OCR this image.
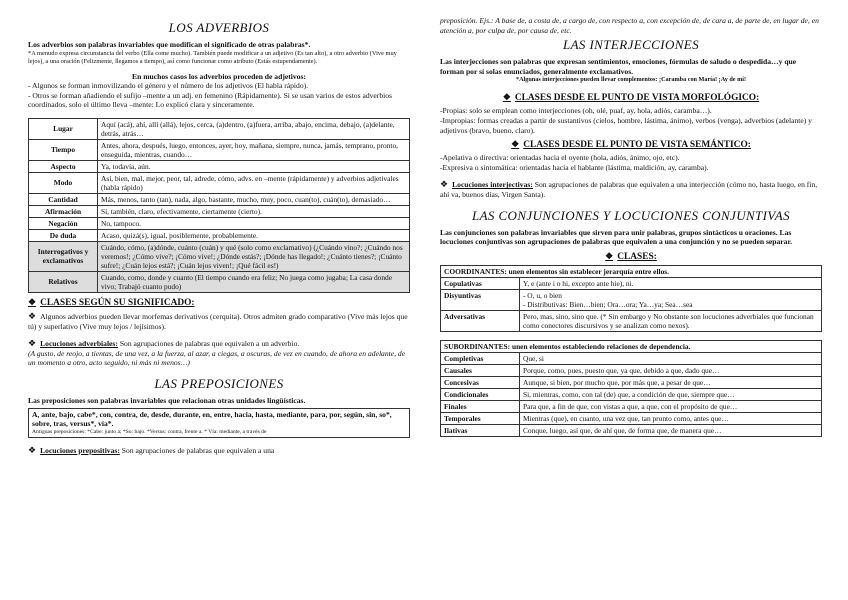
LOS ADVERBIOS

Los adverbios son palabras invariables que modifican el significado de otras palabras*.

*A menudo expresa circunstancia del verbo (Ella come mucho). También puede modificar a un adjetivo (Es tan alto), a otro adverbio (Vive muy lejos), a una oración (Felizmente, llegamos a tiempo), así como funcionar como atributo (Estás estupendamente).

En muchos casos los adverbios proceden de adjetivos:

- Algunos se forman inmovilizando el género y el número de los adjetivos (El habla rápido).

- Otros se forman añadiendo el sufijo –mente a un adj. en femenino (Rápidamente). Si se usan varios de estos adverbios coordinados, solo el último lleva –mente: Lo explicó clara y sinceramente.

Lugar	Aquí (acá), ahí, allí (allá), lejos, cerca, (a)dentro, (a)fuera, arriba, abajo, encima, debajo, (a)delante, detrás, atrás…
Tiempo	Antes, ahora, después, luego, entonces, ayer, hoy, mañana, siempre, nunca, jamás, temprano, pronto, enseguida, mientras, cuando…
Aspecto	Ya, todavía, aún.
Modo	Así, bien, mal, mejor, peor, tal, adrede, cómo, advs. en –mente (rápidamente) y adverbios adjetivales (habla rápido)
Cantidad	Más, menos, tanto (tan), nada, algo, bastante, mucho, muy, poco, cuan(to), cuán(to), demasiado…
Afirmación	Sí, también, claro, efectivamente, ciertamente (cierto).
Negación	No, tampoco.
De duda	Acaso, quizá(s), igual, posiblemente, probablemente.
Interrogativos y exclamativos	Cuándo, cómo, (a)dónde, cuánto (cuán) y qué (solo como exclamativo) (¿Cuándo vino?; ¿Cuándo nos veremos!; ¿Cómo vive?; ¡Cómo vive!; ¿Dónde estás?; ¡Dónde has llegado!; ¿Cuánto tienes?; ¡Cuánto sufre!; ¿Cuán lejos está?; ¡Cuán lejos viven!; ¡Qué fácil es!)
Relativos	Cuando, como, donde y cuanto (El tiempo cuando era feliz; No juega como jugaba; La casa donde vivo; Trabajó cuanto pudo)
❖ CLASES SEGÚN SU SIGNIFICADO:

❖ Algunos adverbios pueden llevar morfemas derivativos (cerquita). Otros admiten grado comparativo (Vive más lejos que tú) y superlativo (Vive muy lejos / lejísimos).

❖ Locuciones adverbiales: Son agrupaciones de palabras que equivalen a un adverbio.

(A gusto, de reojo, a tientas, de una vez, a la fuerza, al azar, a ciegas, a oscuras, de vez en cuando, de ahora en adelante, de un momento a otro, acto seguido, ni más ni menos…)

LAS PREPOSICIONES

Las preposiciones son palabras invariables que relacionan otras unidades lingüísticas.

A, ante, bajo, cabe*, con, contra, de, desde, durante, en, entre, hacia, hasta, mediante, para, por, según, sin, so*, sobre, tras, versus*, vía*.

Antiguas preposiciones: *Cabe: junto a; *So: bajo. *Versus: contra, frente a. * Vía: mediante, a través de

❖ Locuciones prepositivas: Son agrupaciones de palabras que equivalen a una

preposición. Ejs.: A base de, a costa de, a cargo de, con respecto a, con excepción de, de cara a, de parte de, en lugar de, en atención a, por culpa de, por causa de, etc.

LAS INTERJECCIONES

Las interjecciones son palabras que expresan sentimientos, emociones, fórmulas de saludo o despedida…y que forman por sí solas enunciados, generalmente exclamativos.

*Algunas interjecciones pueden llevar complementos: ¡Caramba con María! ¡Ay de mí!

❖ CLASES DESDE EL PUNTO DE VISTA MORFOLÓGICO:

-Propias: solo se emplean como interjecciones (oh, olé, puaf, ay, hola, adiós, caramba…).

-Impropias: formas creadas a partir de sustantivos (cielos, hombre, lástima, ánimo), verbos (venga), adverbios (adelante) y adjetivos (bravo, bueno, claro).

❖ CLASES DESDE EL PUNTO DE VISTA SEMÁNTICO:

-Apelativa o directiva: orientadas hacia el oyente (hola, adiós, ánimo, ojo, etc).

-Expresiva o sintomática: orientadas hacia el hablante (lástima, maldición, ay, caramba).

❖ Locuciones interjectivas: Son agrupaciones de palabras que equivalen a una interjección (cómo no, hasta luego, en fin, ahí va, buenos días, Virgen Santa).

LAS CONJUNCIONES Y LOCUCIONES CONJUNTIVAS

Las conjunciones son palabras invariables que sirven para unir palabras, grupos sintácticos u oraciones. Las locuciones conjuntivas son agrupaciones de palabras que equivalen a una conjunción y no se pueden separar.

❖ CLASES:
COORDINANTES: unen elementos sin establecer jerarquía entre ellos.	
Copulativas	Y, e (ante i o hi, excepto ante hie), ni.
Disyuntivas	- O, u, o bien
- Distributivas: Bien…bien; Ora…ora; Ya…ya; Sea…sea
Adversativas	Pero, mas, sino, sino que. (* Sin embargo y No obstante son locuciones adverbiales que funcionan como conectores discursivos y se analizan como nexos).
SUBORDINANTES: unen elementos estableciendo relaciones de dependencia.	
Completivas	Que, si
Causales	Porque, como, pues, puesto que, ya que, debido a que, dado que…
Concesivas	Aunque, si bien, por mucho que, por más que, a pesar de que…
Condicionales	Si, mientras, como, con tal (de) que, a condición de que, siempre que…
Finales	Para que, a fin de que, con vistas a que, a que, con el propósito de que…
Temporales	Mientras (que), en cuanto, una vez que, tan pronto como, antes que…
Ilativas	Conque, luego, así que, de ahí que, de forma que, de manera que…
